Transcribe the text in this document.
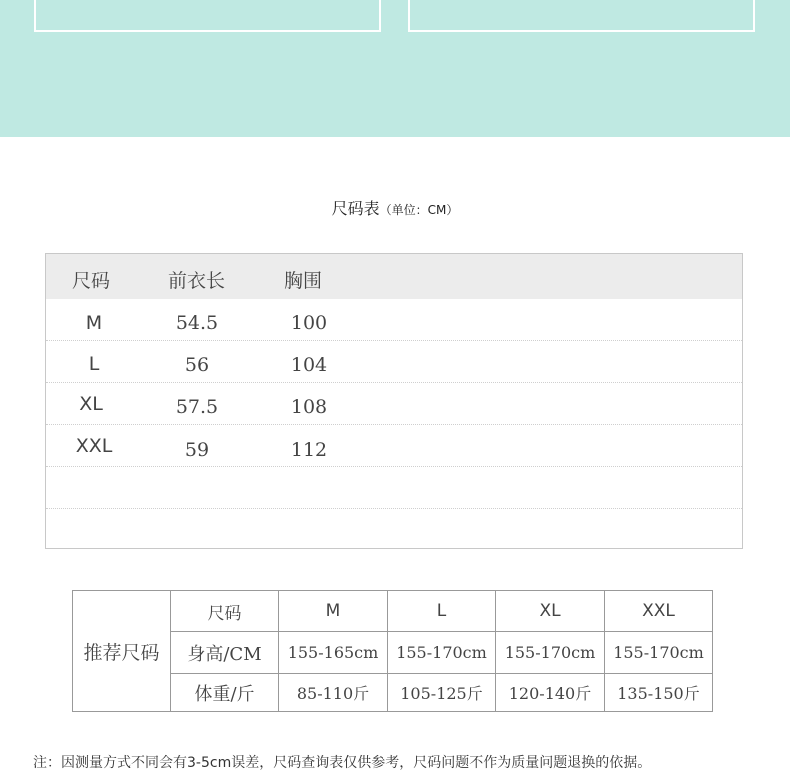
尺码表（单位：CM）
尺码	前衣长	胸围
M	54.5	100
L	56	104
XL	57.5	108
XXL	59	112
推荐尺码	尺码	M	L	XL	XXL
	身高/CM	155-165cm	155-170cm	155-170cm	155-170cm
	体重/斤	85-110斤	105-125斤	120-140斤	135-150斤
注：因测量方式不同会有3-5cm误差，尺码查询表仅供参考，尺码问题不作为质量问题退换的依据。
